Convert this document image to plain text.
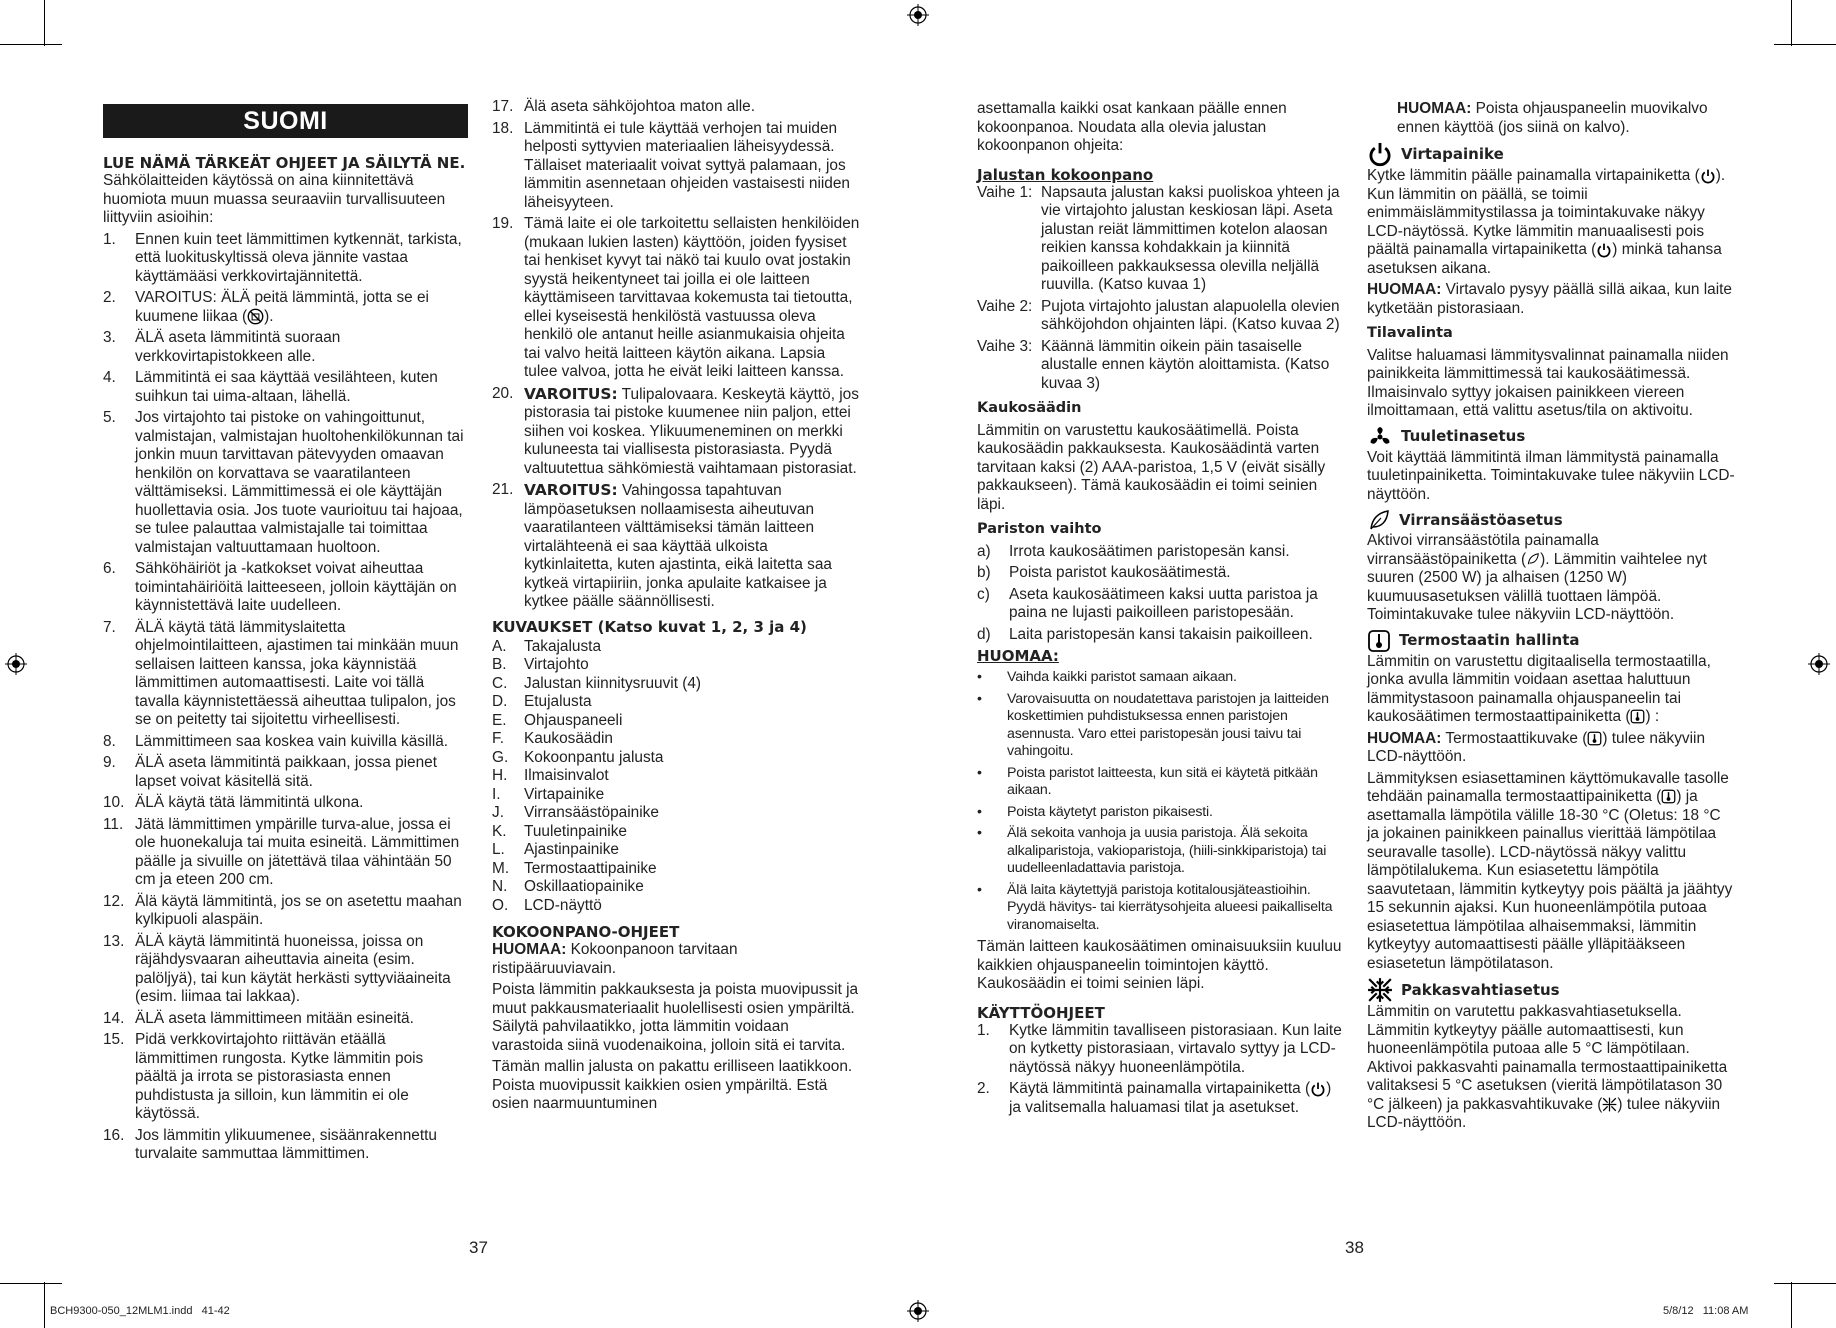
SUOMI
LUE NÄMÄ TÄRKEÄT OHJEET JA SÄILYTÄ NE.

Sähkölaitteiden käytössä on aina kiinnitettävä huomiota muun muassa seuraaviin turvallisuuteen liittyviin asioihin:

1. Ennen kuin teet lämmittimen kytkennät, tarkista, että luokituskyltissä oleva jännite vastaa käyttämääsi verkkovirtajännitettä.
2. VAROITUS: ÄLÄ peitä lämmintä, jotta se ei kuumene liikaa ( ).
3. ÄLÄ aseta lämmitintä suoraan verkkovirtapistokkeen alle.
4. Lämmitintä ei saa käyttää vesilähteen, kuten suihkun tai uima-altaan, lähellä.
5. Jos virtajohto tai pistoke on vahingoittunut, valmistajan, valmistajan huoltohenkilökunnan tai jonkin muun tarvittavan pätevyyden omaavan henkilön on korvattava se vaaratilanteen välttämiseksi. Lämmittimessä ei ole käyttäjän huollettavia osia. Jos tuote vaurioituu tai hajoaa, se tulee palauttaa valmistajalle tai toimittaa valmistajan valtuuttamaan huoltoon.
6. Sähköhäiriöt ja -katkokset voivat aiheuttaa toimintahäiriöitä laitteeseen, jolloin käyttäjän on käynnistettävä laite uudelleen.
7. ÄLÄ käytä tätä lämmityslaitetta ohjelmointilaitteen, ajastimen tai minkään muun sellaisen laitteen kanssa, joka käynnistää lämmittimen automaattisesti. Laite voi tällä tavalla käynnistettäessä aiheuttaa tulipalon, jos se on peitetty tai sijoitettu virheellisesti.
8. Lämmittimeen saa koskea vain kuivilla käsillä.
9. ÄLÄ aseta lämmitintä paikkaan, jossa pienet lapset voivat käsitellä sitä.
10. ÄLÄ käytä tätä lämmitintä ulkona.
11. Jätä lämmittimen ympärille turva-alue, jossa ei ole huonekaluja tai muita esineitä. Lämmittimen päälle ja sivuille on jätettävä tilaa vähintään 50 cm ja eteen 200 cm.
12. Älä käytä lämmitintä, jos se on asetettu maahan kylkipuoli alaspäin.
13. ÄLÄ käytä lämmitintä huoneissa, joissa on räjähdysvaaran aiheuttavia aineita (esim. palöljyä), tai kun käytät herkästi syttyviäaineita (esim. liimaa tai lakkaa).
14. ÄLÄ aseta lämmittimeen mitään esineitä.
15. Pidä verkkovirtajohto riittävän etäällä lämmittimen rungosta. Kytke lämmitin pois päältä ja irrota se pistorasiasta ennen puhdistusta ja silloin, kun lämmitin ei ole käytössä.
16. Jos lämmitin ylikuumenee, sisäänrakennettu turvalaite sammuttaa lämmittimen.
17. Älä aseta sähköjohtoa maton alle.
18. Lämmitintä ei tule käyttää verhojen tai muiden helposti syttyvien materiaalien läheisyydessä. Tällaiset materiaalit voivat syttyä palamaan, jos lämmitin asennetaan ohjeiden vastaisesti niiden läheisyyteen.
19. Tämä laite ei ole tarkoitettu sellaisten henkilöiden (mukaan lukien lasten) käyttöön, joiden fyysiset tai henkiset kyvyt tai näkö tai kuulo ovat jostakin syystä heikentyneet tai joilla ei ole laitteen käyttämiseen tarvittavaa kokemusta tai tietoutta, ellei kyseisestä henkilöstä vastuussa oleva henkilö ole antanut heille asianmukaisia ohjeita tai valvo heitä laitteen käytön aikana. Lapsia tulee valvoa, jotta he eivät leiki laitteen kanssa.
20. VAROITUS: Tulipalovaara. Keskeytä käyttö, jos pistorasia tai pistoke kuumenee niin paljon, ettei siihen voi koskea. Ylikuumeneminen on merkki kuluneesta tai viallisesta pistorasiasta. Pyydä valtuutettua sähkömiestä vaihtamaan pistorasiat.
21. VAROITUS: Vahingossa tapahtuvan lämpöasetuksen nollaamisesta aiheutuvan vaaratilanteen välttämiseksi tämän laitteen virtalähteenä ei saa käyttää ulkoista kytkinlaitetta, kuten ajastinta, eikä laitetta saa kytkeä virtapiiriin, jonka apulaite katkaisee ja kytkee päälle säännöllisesti.
KUVAUKSET (Katso kuvat 1, 2, 3 ja 4)
A. Takajalusta
B. Virtajohto
C. Jalustan kiinnitysruuvit (4)
D. Etujalusta
E. Ohjauspaneeli
F. Kaukosäädin
G. Kokoonpantu jalusta
H. Ilmaisinvalot
I. Virtapainike
J. Virransäästöpainike
K. Tuuletinpainike
L. Ajastinpainike
M. Termostaattipainike
N. Oskillaatiopainike
O. LCD-näyttö
KOKOONPANO-OHJEET

HUOMAA: Kokoonpanoon tarvitaan ristipääruuviavain.

Poista lämmitin pakkauksesta ja poista muovipussit ja muut pakkausmateriaalit huolellisesti osien ympäriltä. Säilytä pahvilaatikko, jotta lämmitin voidaan varastoida siinä vuodenaikoina, jolloin sitä ei tarvita.

Tämän mallin jalusta on pakattu erilliseen laatikkoon. Poista muovipussit kaikkien osien ympäriltä. Estä osien naarmuuntuminen

asettamalla kaikki osat kankaan päälle ennen kokoonpanoa. Noudata alla olevia jalustan kokoonpanon ohjeita:

Jalustan kokoonpano
Vaihe 1: Napsauta jalustan kaksi puoliskoa yhteen ja vie virtajohto jalustan keskiosan läpi. Aseta jalustan reiät lämmittimen kotelon alaosan reikien kanssa kohdakkain ja kiinnitä paikoilleen pakkauksessa olevilla neljällä ruuvilla. (Katso kuvaa 1)
Vaihe 2: Pujota virtajohto jalustan alapuolella olevien sähköjohdon ohjainten läpi. (Katso kuvaa 2)
Vaihe 3: Käännä lämmitin oikein päin tasaiselle alustalle ennen käytön aloittamista. (Katso kuvaa 3)
Kaukosäädin

Lämmitin on varustettu kaukosäätimellä. Poista kaukosäädin pakkauksesta. Kaukosäädintä varten tarvitaan kaksi (2) AAA-paristoa, 1,5 V (eivät sisälly pakkaukseen). Tämä kaukosäädin ei toimi seinien läpi.

Pariston vaihto
a) Irrota kaukosäätimen paristopesän kansi.
b) Poista paristot kaukosäätimestä.
c) Aseta kaukosäätimeen kaksi uutta paristoa ja paina ne lujasti paikoilleen paristopesään.
d) Laita paristopesän kansi takaisin paikoilleen.
HUOMAA:
• Vaihda kaikki paristot samaan aikaan.
• Varovaisuutta on noudatettava paristojen ja laitteiden koskettimien puhdistuksessa ennen paristojen asennusta. Varo ettei paristopesän jousi taivu tai vahingoitu.
• Poista paristot laitteesta, kun sitä ei käytetä pitkään aikaan.
• Poista käytetyt pariston pikaisesti.
• Älä sekoita vanhoja ja uusia paristoja. Älä sekoita alkaliparistoja, vakioparistoja, (hiili-sinkkiparistoja) tai uudelleenladattavia paristoja.
• Älä laita käytettyjä paristoja kotitalousjäteastioihin. Pyydä hävitys- tai kierrätysohjeita alueesi paikalliselta viranomaiselta.

Tämän laitteen kaukosäätimen ominaisuuksiin kuuluu kaikkien ohjauspaneelin toimintojen käyttö. Kaukosäädin ei toimi seinien läpi.

KÄYTTÖOHJEET
1. Kytke lämmitin tavalliseen pistorasiaan. Kun laite on kytketty pistorasiaan, virtavalo syttyy ja LCD-näytössä näkyy huoneenlämpötila.
2. Käytä lämmitintä painamalla virtapainiketta ( ) ja valitsemalla haluamasi tilat ja asetukset.

HUOMAA: Poista ohjauspaneelin muovikalvo ennen käyttöä (jos siinä on kalvo).

Virtapainike

Kytke lämmitin päälle painamalla virtapainiketta ( ). Kun lämmitin on päällä, se toimii enimmäislämmitystilassa ja toimintakuvake näkyy LCD-näytössä. Kytke lämmitin manuaalisesti pois päältä painamalla virtapainiketta ( ) minkä tahansa asetuksen aikana.

HUOMAA: Virtavalo pysyy päällä sillä aikaa, kun laite kytketään pistorasiaan.

Tilavalinta

Valitse haluamasi lämmitysvalinnat painamalla niiden painikkeita lämmittimessä tai kaukosäätimessä. Ilmaisinvalo syttyy jokaisen painikkeen viereen ilmoittamaan, että valittu asetus/tila on aktivoitu.

Tuuletinasetus

Voit käyttää lämmitintä ilman lämmitystä painamalla tuuletinpainiketta. Toimintakuvake tulee näkyviin LCD-näyttöön.

Virransäästöasetus

Aktivoi virransäästötila painamalla virransäästöpainiketta ( ). Lämmitin vaihtelee nyt suuren (2500 W) ja alhaisen (1250 W) kuumuusasetuksen välillä tuottaen lämpöä. Toimintakuvake tulee näkyviin LCD-näyttöön.

Termostaatin hallinta

Lämmitin on varustettu digitaalisella termostaatilla, jonka avulla lämmitin voidaan asettaa haluttuun lämmitystasoon painamalla ohjauspaneelin tai kaukosäätimen termostaattipainiketta ( ) :

HUOMAA: Termostaattikuvake ( ) tulee näkyviin LCD-näyttöön.

Lämmityksen esiasettaminen käyttömukavalle tasolle tehdään painamalla termostaattipainiketta ( ) ja asettamalla lämpötila välille 18-30 °C (Oletus: 18 °C ja jokainen painikkeen painallus vierittää lämpötilaa seuravalle tasolle). LCD-näytössä näkyy valittu lämpötilalukema. Kun esiasetettu lämpötila saavutetaan, lämmitin kytkeytyy pois päältä ja jäähtyy 15 sekunnin ajaksi. Kun huoneenlämpötila putoaa esiasetettua lämpötilaa alhaisemmaksi, lämmitin kytkeytyy automaattisesti päälle ylläpitääkseen esiasetetun lämpötilatason.

Pakkasvahtiasetus

Lämmitin on varutettu pakkasvahtiasetuksella. Lämmitin kytkeytyy päälle automaattisesti, kun huoneenlämpötila putoaa alle 5 °C lämpötilaan. Aktivoi pakkasvahti painamalla termostaattipainiketta valitaksesi 5 °C asetuksen (vieritä lämpötilatason 30 °C jälkeen) ja pakkasvahtikuvake ( ) tulee näkyviin LCD-näyttöön.

37	38
BCH9300-050_12MLM1.indd   41-42	5/8/12   11:08 AM
